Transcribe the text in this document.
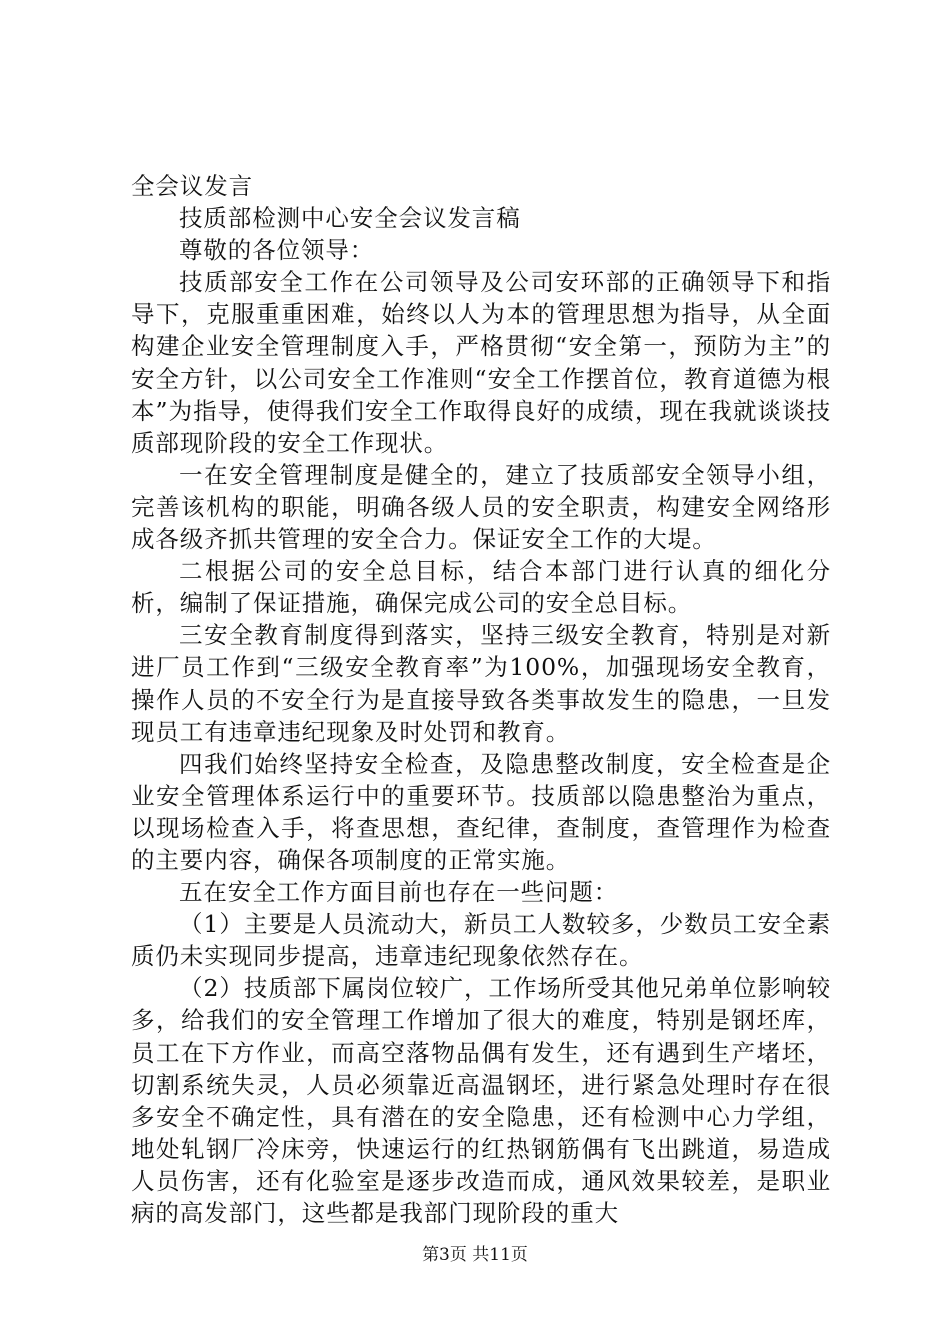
全会议发言

技质部检测中心安全会议发言稿

尊敬的各位领导：

技质部安全工作在公司领导及公司安环部的正确领导下和指导下，克服重重困难，始终以人为本的管理思想为指导，从全面构建企业安全管理制度入手，严格贯彻“安全第一，预防为主”的安全方针，以公司安全工作准则“安全工作摆首位，教育道德为根本”为指导，使得我们安全工作取得良好的成绩，现在我就谈谈技质部现阶段的安全工作现状。

一在安全管理制度是健全的，建立了技质部安全领导小组，完善该机构的职能，明确各级人员的安全职责，构建安全网络形成各级齐抓共管理的安全合力。保证安全工作的大堤。

二根据公司的安全总目标，结合本部门进行认真的细化分析，编制了保证措施，确保完成公司的安全总目标。

三安全教育制度得到落实，坚持三级安全教育，特别是对新进厂员工作到“三级安全教育率”为100%，加强现场安全教育，操作人员的不安全行为是直接导致各类事故发生的隐患，一旦发现员工有违章违纪现象及时处罚和教育。

四我们始终坚持安全检查，及隐患整改制度，安全检查是企业安全管理体系运行中的重要环节。技质部以隐患整治为重点，以现场检查入手，将查思想，查纪律，查制度，查管理作为检查的主要内容，确保各项制度的正常实施。

五在安全工作方面目前也存在一些问题：

（1）主要是人员流动大，新员工人数较多，少数员工安全素质仍未实现同步提高，违章违纪现象依然存在。

（2）技质部下属岗位较广，工作场所受其他兄弟单位影响较多，给我们的安全管理工作增加了很大的难度，特别是钢坯库，员工在下方作业，而高空落物品偶有发生，还有遇到生产堵坯，切割系统失灵，人员必须靠近高温钢坯，进行紧急处理时存在很多安全不确定性，具有潜在的安全隐患，还有检测中心力学组，地处轧钢厂冷床旁，快速运行的红热钢筋偶有飞出跳道，易造成人员伤害，还有化验室是逐步改造而成，通风效果较差，是职业病的高发部门，这些都是我部门现阶段的重大

第3页 共11页
